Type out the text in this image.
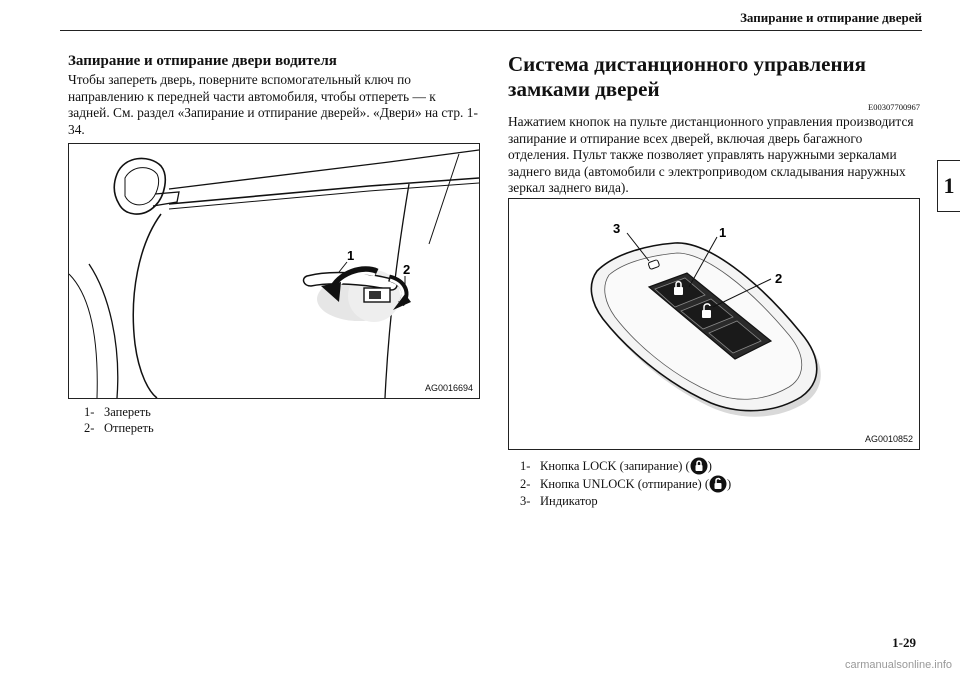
Запирание и отпирание дверей
1
Запирание и отпирание двери водителя

Чтобы запереть дверь, поверните вспомогательный ключ по направлению к передней части автомобиля, чтобы отпереть — к задней. См. раздел «Запирание и отпирание дверей». «Двери» на стр. 1-34.

1
2
AG0016694
1- Запереть
2- Отпереть
Система дистанционного управления замками дверей
E00307700967

Нажатием кнопок на пульте дистанционного управления производится запирание и отпирание всех дверей, включая дверь багажного отделения. Пульт также позволяет управлять наружными зеркалами заднего вида (автомобили с электроприводом складывания наружных зеркал заднего вида).

3	1
2
AG0010852
1- Кнопка LOCK (запирание) ( )
2- Кнопка UNLOCK (отпирание) ( )
3- Индикатор
1-29
carmanualsonline.info
